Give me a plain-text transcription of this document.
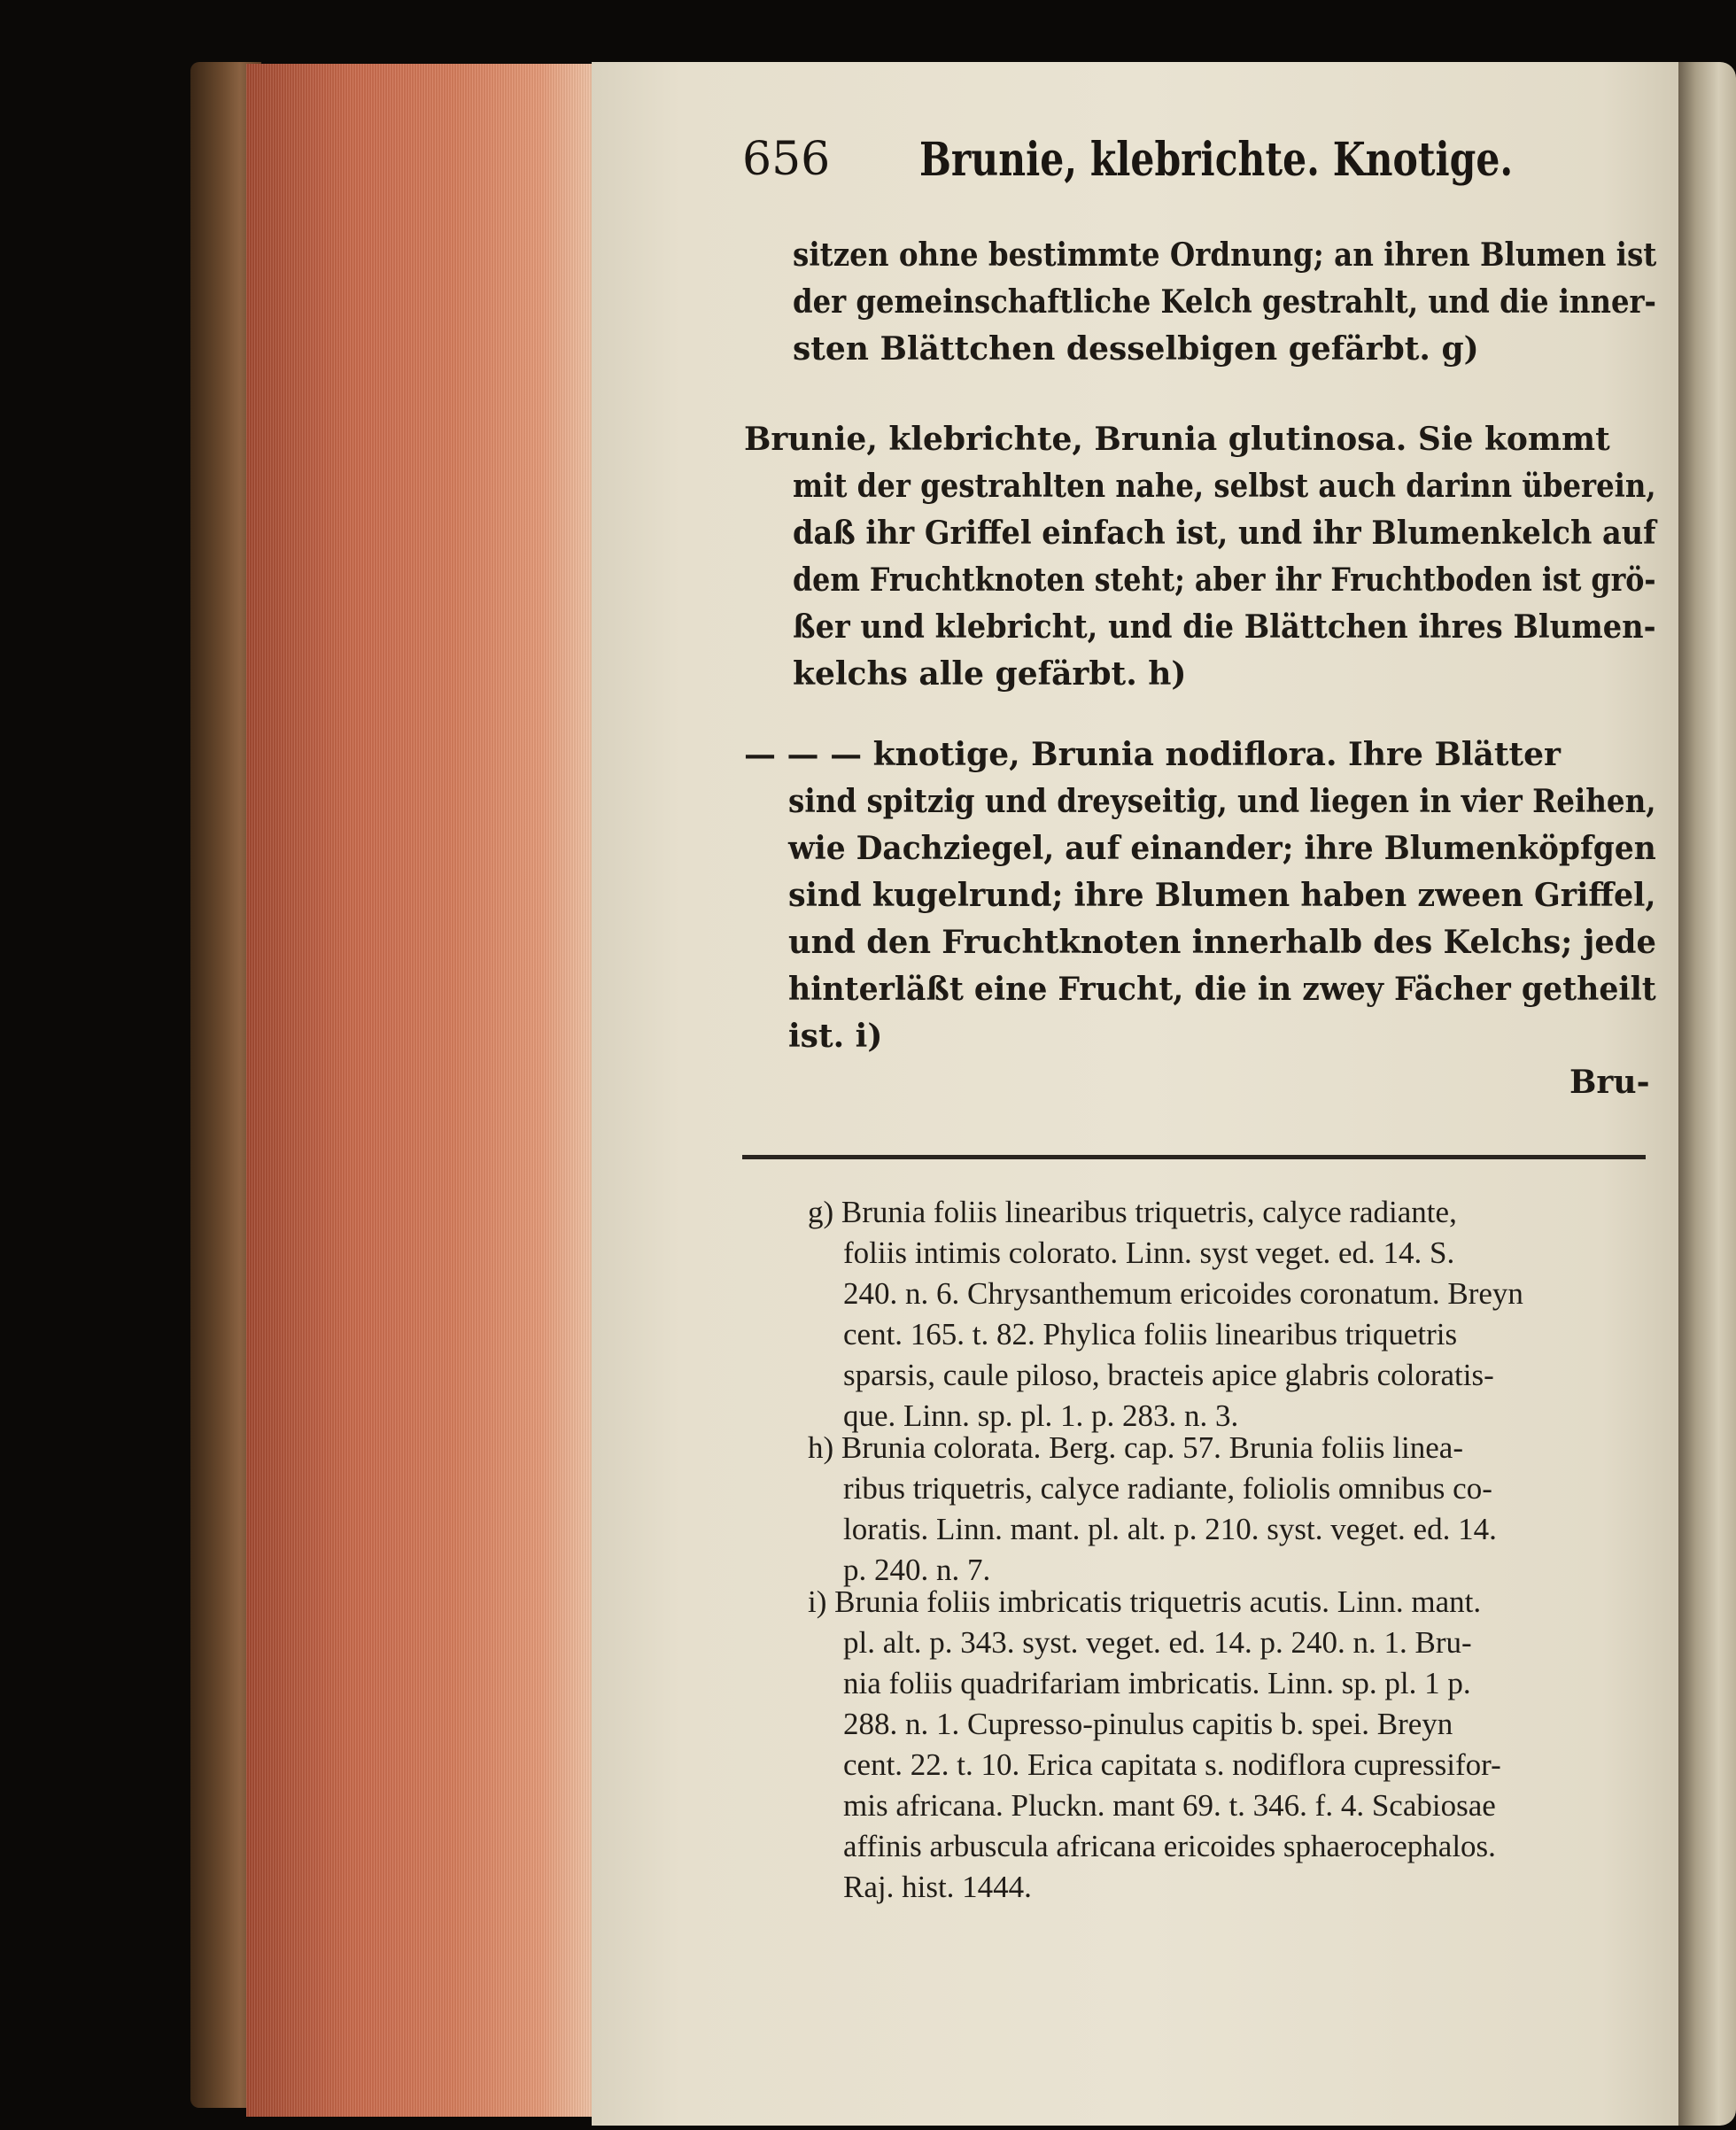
656 Brunie, klebrichte. Knotige.
sitzen ohne bestimmte Ordnung; an ihren Blumen ist
der gemeinschaftliche Kelch gestrahlt, und die inner-
sten Blättchen desselbigen gefärbt. g)
Brunie, klebrichte, Brunia glutinosa. Sie kommt
mit der gestrahlten nahe, selbst auch darinn überein,
daß ihr Griffel einfach ist, und ihr Blumenkelch auf
dem Fruchtknoten steht; aber ihr Fruchtboden ist grö-
ßer und klebricht, und die Blättchen ihres Blumen-
kelchs alle gefärbt. h)
— — — knotige, Brunia nodiflora. Ihre Blätter
sind spitzig und dreyseitig, und liegen in vier Reihen,
wie Dachziegel, auf einander; ihre Blumenköpfgen
sind kugelrund; ihre Blumen haben zween Griffel,
und den Fruchtknoten innerhalb des Kelchs; jede
hinterläßt eine Frucht, die in zwey Fächer getheilt
ist. i)
Bru-
g) Brunia foliis linearibus triquetris, calyce radiante,
foliis intimis colorato. Linn. syst veget. ed. 14. S.
240. n. 6. Chrysanthemum ericoides coronatum. Breyn
cent. 165. t. 82. Phylica foliis linearibus triquetris
sparsis, caule piloso, bracteis apice glabris coloratis-
que. Linn. sp. pl. 1. p. 283. n. 3.
h) Brunia colorata. Berg. cap. 57. Brunia foliis linea-
ribus triquetris, calyce radiante, foliolis omnibus co-
loratis. Linn. mant. pl. alt. p. 210. syst. veget. ed. 14.
p. 240. n. 7.
i) Brunia foliis imbricatis triquetris acutis. Linn. mant.
pl. alt. p. 343. syst. veget. ed. 14. p. 240. n. 1. Bru-
nia foliis quadrifariam imbricatis. Linn. sp. pl. 1 p.
288. n. 1. Cupresso-pinulus capitis b. spei. Breyn
cent. 22. t. 10. Erica capitata s. nodiflora cupressifor-
mis africana. Pluckn. mant 69. t. 346. f. 4. Scabiosae
affinis arbuscula africana ericoides sphaerocephalos.
Raj. hist. 1444.
